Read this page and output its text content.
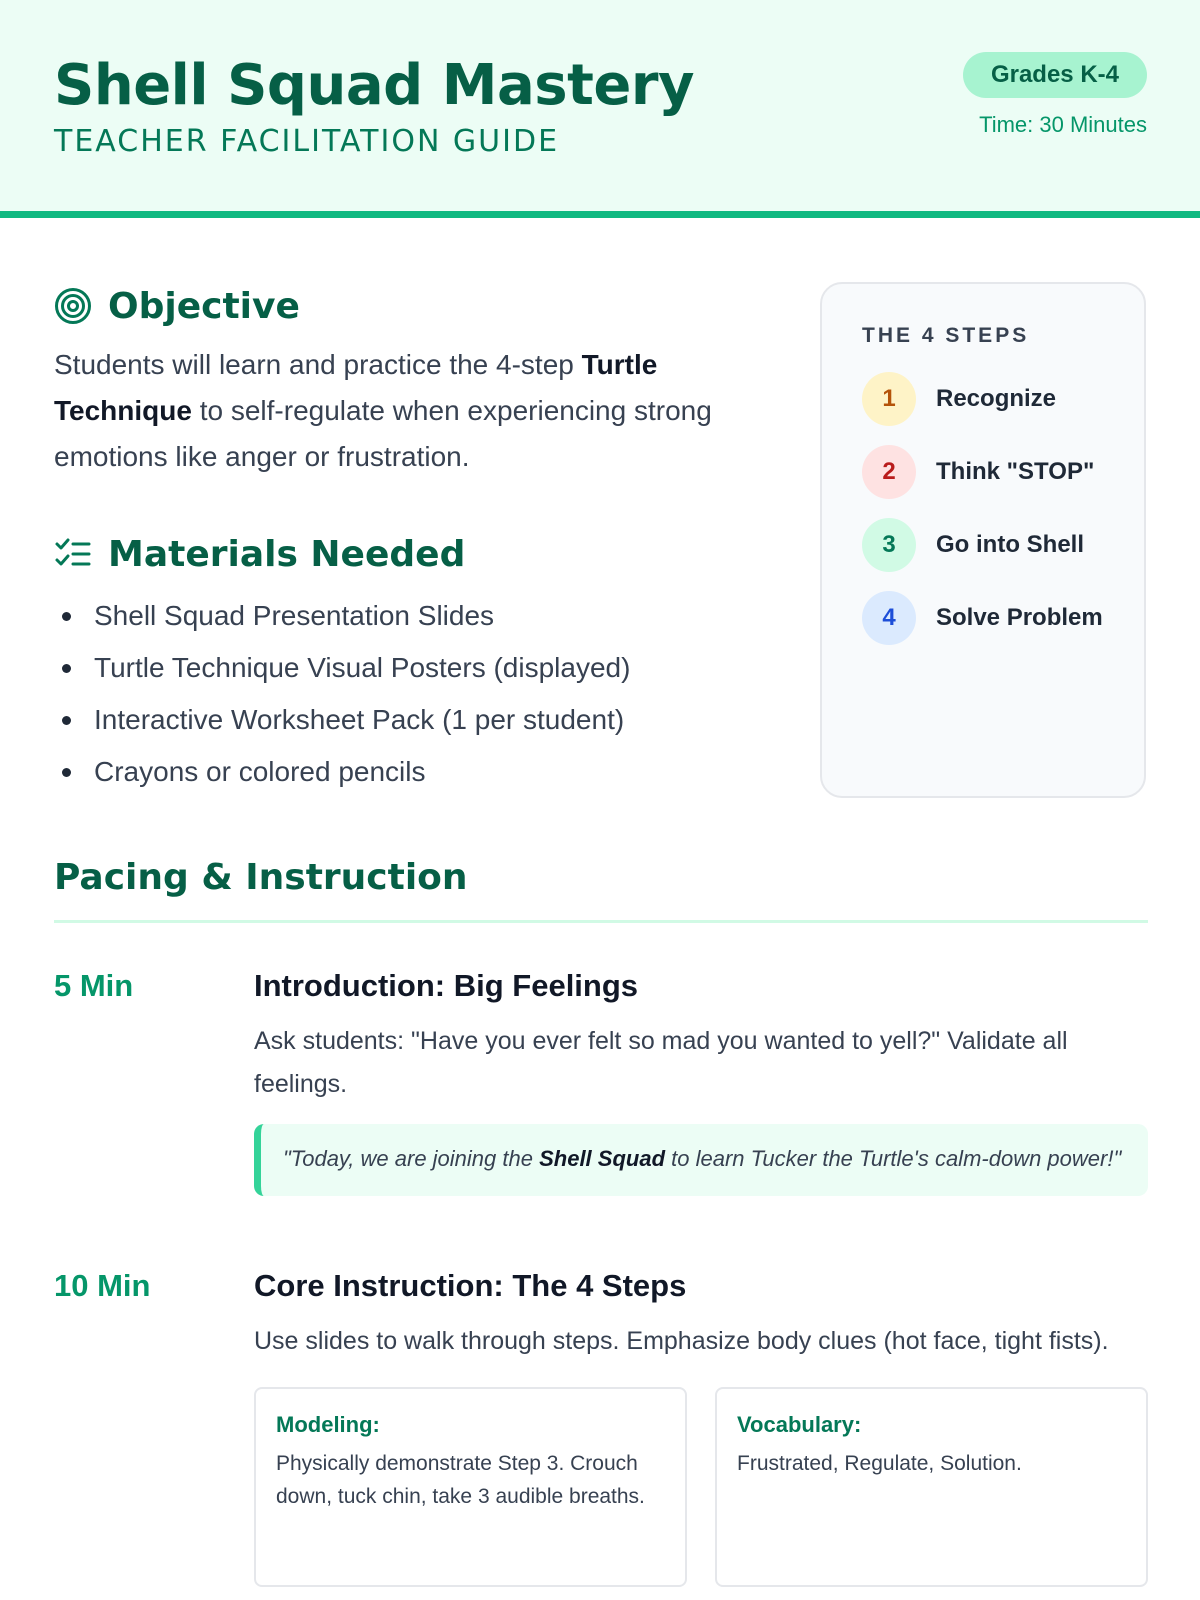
Shell Squad Mastery
TEACHER FACILITATION GUIDE
Grades K-4
Time: 30 Minutes
Objective

Students will learn and practice the 4-step Turtle Technique to self-regulate when experiencing strong emotions like anger or frustration.

Materials Needed
Shell Squad Presentation Slides
Turtle Technique Visual Posters (displayed)
Interactive Worksheet Pack (1 per student)
Crayons or colored pencils
THE 4 STEPS
1	Recognize
2	Think "STOP"
3	Go into Shell
4	Solve Problem
Pacing & Instruction
5 Min	Introduction: Big Feelings

Ask students: "Have you ever felt so mad you wanted to yell?" Validate all feelings.

"Today, we are joining the Shell Squad to learn Tucker the Turtle's calm-down power!"
10 Min	Core Instruction: The 4 Steps

Use slides to walk through steps. Emphasize body clues (hot face, tight fists).

Modeling:

Physically demonstrate Step 3. Crouch down, tuck chin, take 3 audible breaths.

Vocabulary:

Frustrated, Regulate, Solution.
